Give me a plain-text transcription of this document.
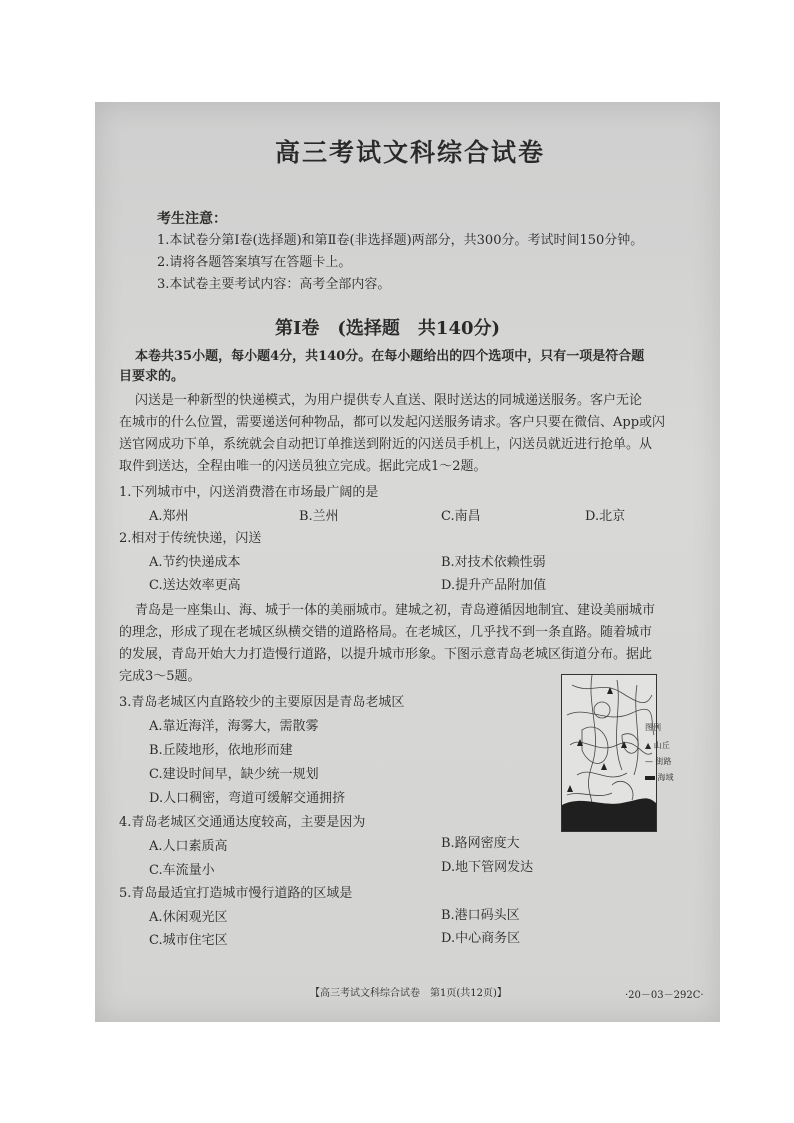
高三考试文科综合试卷
考生注意：
1.本试卷分第Ⅰ卷(选择题)和第Ⅱ卷(非选择题)两部分，共300分。考试时间150分钟。
2.请将各题答案填写在答题卡上。
3.本试卷主要考试内容：高考全部内容。
第Ⅰ卷　(选择题　共140分)
本卷共35小题，每小题4分，共140分。在每小题给出的四个选项中，只有一项是符合题
目要求的。
闪送是一种新型的快递模式，为用户提供专人直送、限时送达的同城递送服务。客户无论
在城市的什么位置，需要递送何种物品，都可以发起闪送服务请求。客户只要在微信、App或闪
送官网成功下单，系统就会自动把订单推送到附近的闪送员手机上，闪送员就近进行抢单。从
取件到送达，全程由唯一的闪送员独立完成。据此完成1～2题。
1.下列城市中，闪送消费潜在市场最广阔的是
A.郑州	B.兰州	C.南昌	D.北京
2.相对于传统快递，闪送
A.节约快递成本	B.对技术依赖性弱
C.送达效率更高	D.提升产品附加值
青岛是一座集山、海、城于一体的美丽城市。建城之初，青岛遵循因地制宜、建设美丽城市
的理念，形成了现在老城区纵横交错的道路格局。在老城区，几乎找不到一条直路。随着城市
的发展，青岛开始大力打造慢行道路，以提升城市形象。下图示意青岛老城区街道分布。据此
完成3～5题。
3.青岛老城区内直路较少的主要原因是青岛老城区
A.靠近海洋，海雾大，需散雾
B.丘陵地形，依地形而建
C.建设时间早，缺少统一规划
D.人口稠密，弯道可缓解交通拥挤
4.青岛老城区交通通达度较高，主要是因为
A.人口素质高	B.路网密度大
C.车流量小	D.地下管网发达
5.青岛最适宜打造城市慢行道路的区域是
A.休闲观光区	B.港口码头区
C.城市住宅区	D.中心商务区
图例
▲ 山丘
— 街路
海域
【高三考试文科综合试卷　第1页(共12页)】	·20－03－292C·
